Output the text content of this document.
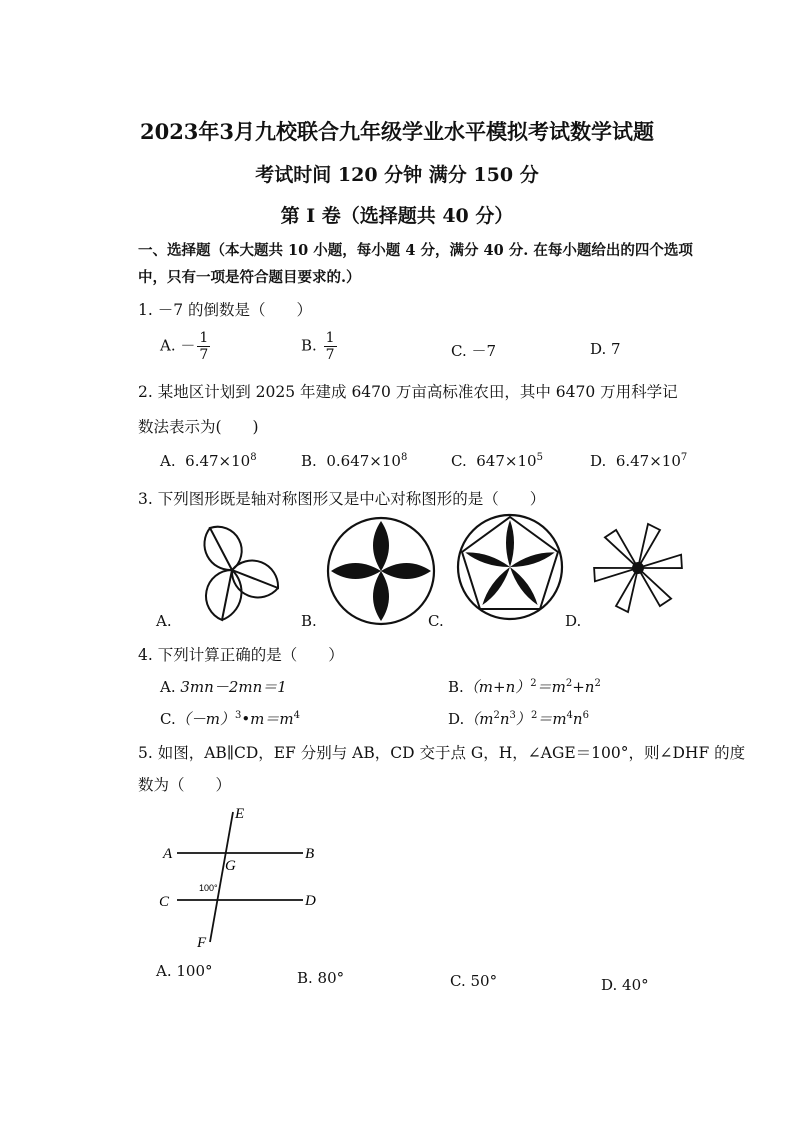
2023年3月九校联合九年级学业水平模拟考试数学试题
考试时间 120 分钟 满分 150 分
第 I 卷（选择题共 40 分）
一、选择题（本大题共 10 小题，每小题 4 分，满分 40 分. 在每小题给出的四个选项
中，只有一项是符合题目要求的.）
1. －7 的倒数是（　　）
A. － $\frac{1}{7}$	B. $\frac{1}{7}$	C. －7	D. 7
2. 某地区计划到 2025 年建成 6470 万亩高标准农田，其中 6470 万用科学记
数法表示为(　　)
A. $6.47\times 10^8$	B. $0.647\times 10^8$	C. $647\times 10^5$	D. $6.47\times 10^7$
3. 下列图形既是轴对称图形又是中心对称图形的是（　　）
A.	B.	C.	D.
4. 下列计算正确的是（　　）
A. 3mn－2mn＝1	$B.(m+n)^2=m^2+n^2$
$C.(-m)^3•m=m^4$	$D.(m^2n^3)^2=m^4n^6$
5. 如图，AB∥CD，EF 分别与 AB，CD 交于点 G，H，∠AGE＝100°，则∠DHF 的度
数为（　　）
E
A
G
B
C	D
F
100°
A. 100°	B. 80°	C. 50°	D. 40°
